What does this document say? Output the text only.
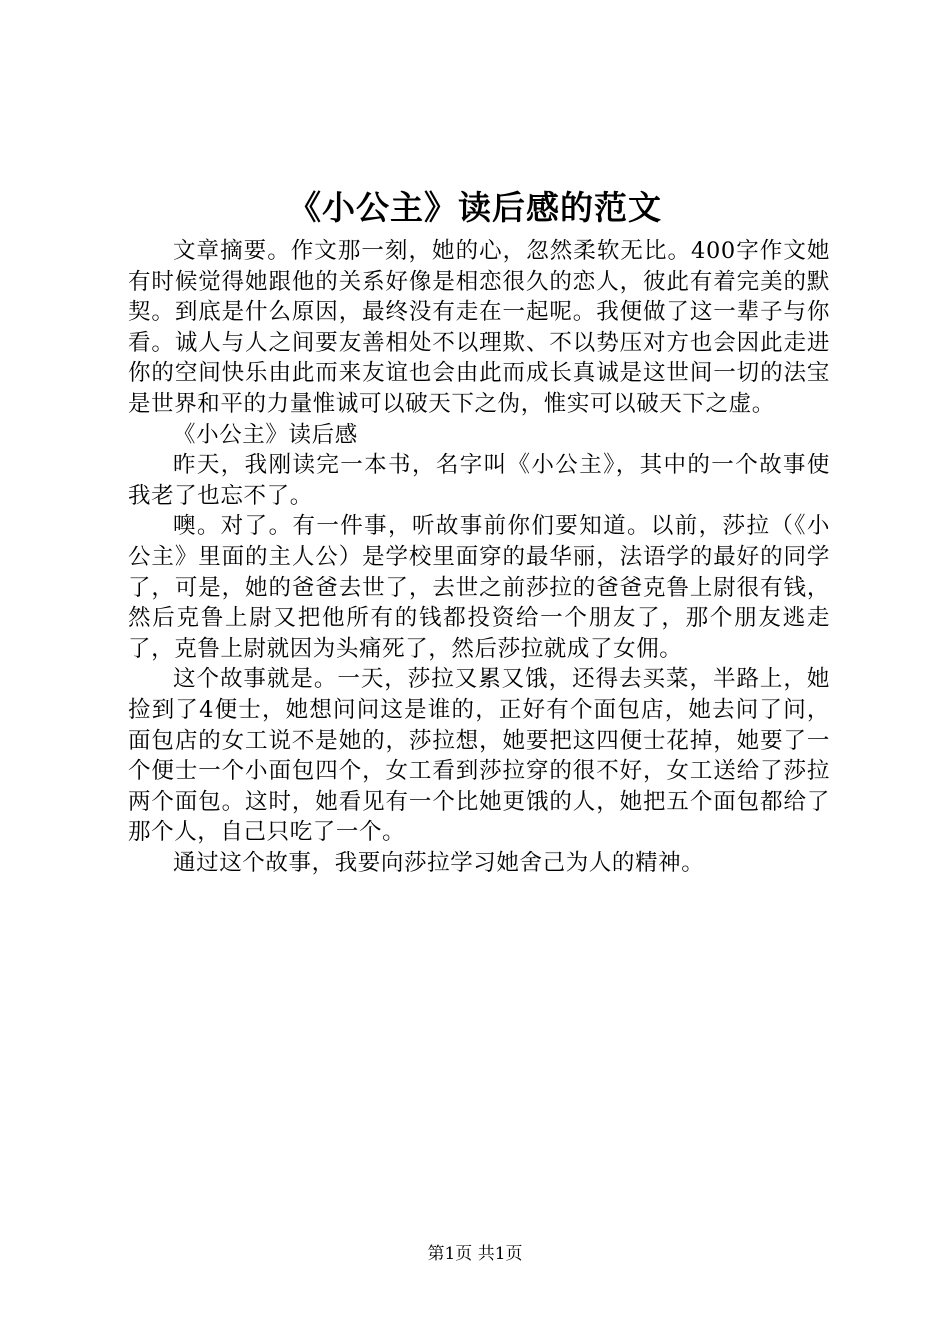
《小公主》读后感的范文

文章摘要。作文那一刻，她的心，忽然柔软无比。400字作文她有时候觉得她跟他的关系好像是相恋很久的恋人，彼此有着完美的默契。到底是什么原因，最终没有走在一起呢。我便做了这一辈子与你看。诚人与人之间要友善相处不以理欺、不以势压对方也会因此走进你的空间快乐由此而来友谊也会由此而成长真诚是这世间一切的法宝是世界和平的力量惟诚可以破天下之伪，惟实可以破天下之虚。

《小公主》读后感

昨天，我刚读完一本书，名字叫《小公主》，其中的一个故事使我老了也忘不了。

噢。对了。有一件事，听故事前你们要知道。以前，莎拉（《小公主》里面的主人公）是学校里面穿的最华丽，法语学的最好的同学了，可是，她的爸爸去世了，去世之前莎拉的爸爸克鲁上尉很有钱，然后克鲁上尉又把他所有的钱都投资给一个朋友了，那个朋友逃走了，克鲁上尉就因为头痛死了，然后莎拉就成了女佣。

这个故事就是。一天，莎拉又累又饿，还得去买菜，半路上，她捡到了4便士，她想问问这是谁的，正好有个面包店，她去问了问，面包店的女工说不是她的，莎拉想，她要把这四便士花掉，她要了一个便士一个小面包四个，女工看到莎拉穿的很不好，女工送给了莎拉两个面包。这时，她看见有一个比她更饿的人，她把五个面包都给了那个人，自己只吃了一个。

通过这个故事，我要向莎拉学习她舍己为人的精神。

第1页 共1页
